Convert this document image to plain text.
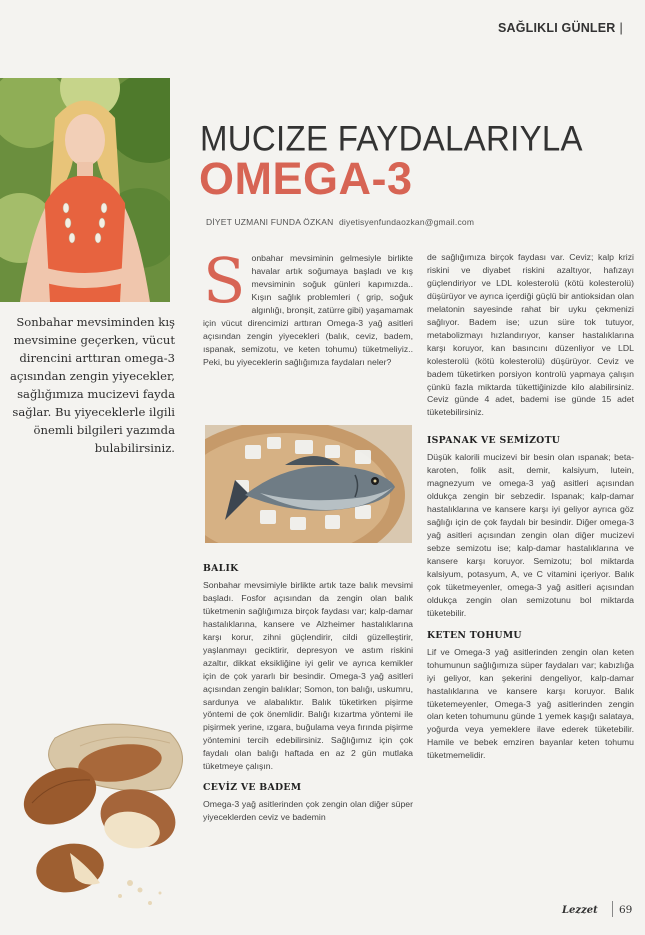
SAĞLIKLI GÜNLER |
MUCIZE FAYDALARIYLA
OMEGA-3
DİYET UZMANI FUNDA ÖZKAN diyetisyenfundaozkan@gmail.com

Sonbahar mevsiminden kış

mevsimine geçerken, vücut

direncini arttıran omega-3

açısından zengin yiyecekler,

sağlığımıza mucizevi fayda

sağlar. Bu yiyeceklerle ilgili

önemli bilgileri yazımda

bulabilirsiniz.

S onbahar mevsiminin gelmesiyle birlikte havalar artık soğumaya başladı ve kış mevsiminin soğuk günleri kapımızda.. Kışın sağlık problemleri ( grip, soğuk algınlığı, bronşit, zatürre gibi) yaşamamak için vücut direncimizi arttıran Omega-3 yağ asitleri açısından zengin yiyecekleri (balık, ceviz, badem, ıspanak, semizotu, ve keten tohumu) tüketmeliyiz.. Peki, bu yiyeceklerin sağlığımıza faydaları neler?

BALIK

Sonbahar mevsimiyle birlikte artık taze balık mevsimi başladı. Fosfor açısından da zengin olan balık tüketmenin sağlığımıza birçok faydası var; kalp-damar hastalıklarına, kansere ve Alzheimer hastalıklarına karşı korur, zihni güçlendirir, cildi güzelleştirir, yaşlanmayı geciktirir, depresyon ve astım riskini azaltır, dikkat eksikliğine iyi gelir ve ayrıca kemikler için de çok yararlı bir besindir. Omega-3 yağ asitleri açısından zengin balıklar; Somon, ton balığı, uskumru, sardunya ve alabalıktır. Balık tüketirken pişirme yöntemi de çok önemlidir. Balığı kızartma yöntemi ile pişirmek yerine, ızgara, buğulama veya fırında pişirme yöntemini tercih edebilirsiniz. Sağlığımız için çok faydalı olan balığı haftada en az 2 gün mutlaka tüketmeye çalışın.

CEVİZ VE BADEM

Omega-3 yağ asitlerinden çok zengin olan diğer süper yiyeceklerden ceviz ve bademin

de sağlığımıza birçok faydası var. Ceviz; kalp krizi riskini ve diyabet riskini azaltıyor, hafızayı güçlendiriyor ve LDL kolesterolü (kötü kolesterolü) düşürüyor ve ayrıca içerdiği güçlü bir antioksidan olan melatonin sayesinde rahat bir uyku çekmenizi sağlıyor. Badem ise; uzun süre tok tutuyor, metabolizmayı hızlandırıyor, kanser hastalıklarına karşı koruyor, kan basıncını düzenliyor ve LDL kolesterolü (kötü kolesterolü) düşürüyor. Ceviz ve badem tüketirken porsiyon kontrolü yapmaya çalışın çünkü fazla miktarda tükettiğinizde kilo alabilirsiniz. Ceviz günde 4 adet, bademi ise günde 15 adet tüketebilirsiniz.

ISPANAK VE SEMİZOTU

Düşük kalorili mucizevi bir besin olan ıspanak; beta-karoten, folik asit, demir, kalsiyum, lutein, magnezyum ve omega-3 yağ asitleri açısından oldukça zengin bir sebzedir. Ispanak; kalp-damar hastalıklarına ve kansere karşı iyi geliyor ayrıca göz sağlığı için de çok faydalı bir besindir. Diğer omega-3 yağ asitleri açısından zengin olan diğer mucizevi sebze semizotu ise; kalp-damar hastalıklarına ve kansere karşı koruyor. Semizotu; bol miktarda kalsiyum, potasyum, A, ve C vitamini içeriyor. Balık çok tüketmeyenler, omega-3 yağ asitleri açısından oldukça zengin olan semizotunu bol miktarda tüketebilir.

KETEN TOHUMU

Lif ve Omega-3 yağ asitlerinden zengin olan keten tohumunun sağlığımıza süper faydaları var; kabızlığa iyi geliyor, kan şekerini dengeliyor, kalp-damar hastalıklarına ve kansere karşı koruyor. Balık tüketemeyenler, Omega-3 yağ asitlerinden zengin olan keten tohumunu günde 1 yemek kaşığı salataya, yoğurda veya yemeklere ilave ederek tüketebilir. Hamile ve bebek emziren bayanlar keten tohumu tüketmemelidir.

Lezzet 69
